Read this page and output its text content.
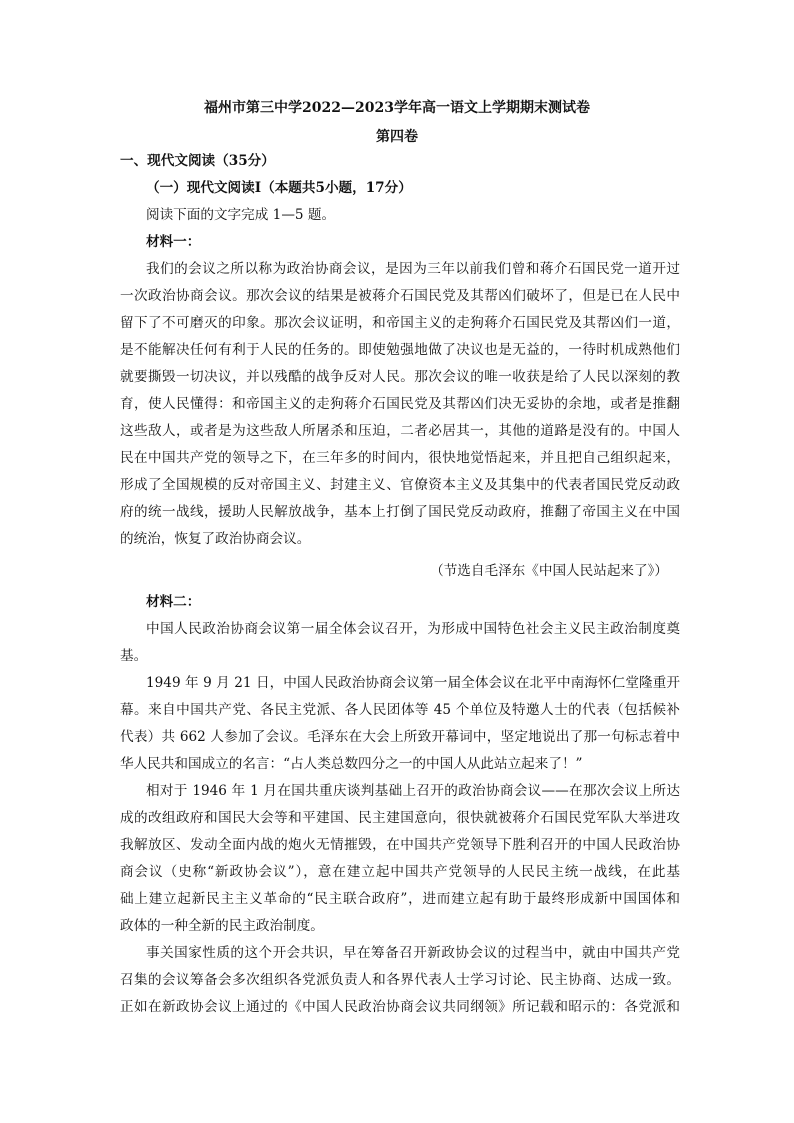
福州市第三中学2022—2023学年高一语文上学期期末测试卷
第四卷
一、现代文阅读（35分）
（一）现代文阅读Ⅰ（本题共5小题，17分）
阅读下面的文字完成 1—5 题。
材料一：
我们的会议之所以称为政治协商会议，是因为三年以前我们曾和蒋介石国民党一道开过
一次政治协商会议。那次会议的结果是被蒋介石国民党及其帮凶们破坏了，但是已在人民中
留下了不可磨灭的印象。那次会议证明，和帝国主义的走狗蒋介石国民党及其帮凶们一道，
是不能解决任何有利于人民的任务的。即使勉强地做了决议也是无益的，一待时机成熟他们
就要撕毁一切决议，并以残酷的战争反对人民。那次会议的唯一收获是给了人民以深刻的教
育，使人民懂得：和帝国主义的走狗蒋介石国民党及其帮凶们决无妥协的余地，或者是推翻
这些敌人，或者是为这些敌人所屠杀和压迫，二者必居其一，其他的道路是没有的。中国人
民在中国共产党的领导之下，在三年多的时间内，很快地觉悟起来，并且把自己组织起来，
形成了全国规模的反对帝国主义、封建主义、官僚资本主义及其集中的代表者国民党反动政
府的统一战线，援助人民解放战争，基本上打倒了国民党反动政府，推翻了帝国主义在中国
的统治，恢复了政治协商会议。
（节选自毛泽东《中国人民站起来了》）
材料二：
中国人民政治协商会议第一届全体会议召开，为形成中国特色社会主义民主政治制度奠
基。
1949 年 9 月 21 日，中国人民政治协商会议第一届全体会议在北平中南海怀仁堂隆重开
幕。来自中国共产党、各民主党派、各人民团体等 45 个单位及特邀人士的代表（包括候补
代表）共 662 人参加了会议。毛泽东在大会上所致开幕词中，坚定地说出了那一句标志着中
华人民共和国成立的名言：“占人类总数四分之一的中国人从此站立起来了！”
相对于 1946 年 1 月在国共重庆谈判基础上召开的政治协商会议——在那次会议上所达
成的改组政府和国民大会等和平建国、民主建国意向，很快就被蒋介石国民党军队大举进攻
我解放区、发动全面内战的炮火无情摧毁，在中国共产党领导下胜利召开的中国人民政治协
商会议（史称“新政协会议”），意在建立起中国共产党领导的人民民主统一战线，在此基
础上建立起新民主主义革命的“民主联合政府”，进而建立起有助于最终形成新中国国体和
政体的一种全新的民主政治制度。
事关国家性质的这个开会共识，早在筹备召开新政协会议的过程当中，就由中国共产党
召集的会议筹备会多次组织各党派负责人和各界代表人士学习讨论、民主协商、达成一致。
正如在新政协会议上通过的《中国人民政治协商会议共同纲领》所记载和昭示的：各党派和
